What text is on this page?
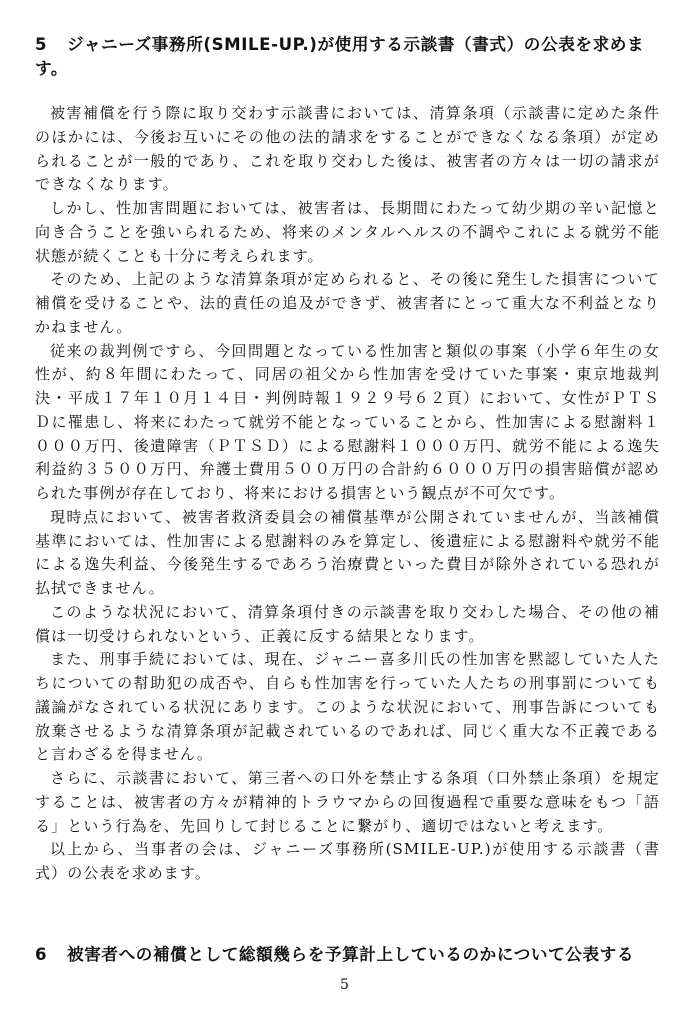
5 ジャニーズ事務所(SMILE-UP.)が使用する示談書（書式）の公表を求めます。

被害補償を行う際に取り交わす示談書においては、清算条項（示談書に定めた条件のほかには、今後お互いにその他の法的請求をすることができなくなる条項）が定められることが一般的であり、これを取り交わした後は、被害者の方々は一切の請求ができなくなります。

しかし、性加害問題においては、被害者は、長期間にわたって幼少期の辛い記憶と向き合うことを強いられるため、将来のメンタルヘルスの不調やこれによる就労不能状態が続くことも十分に考えられます。

そのため、上記のような清算条項が定められると、その後に発生した損害について補償を受けることや、法的責任の追及ができず、被害者にとって重大な不利益となりかねません。

従来の裁判例ですら、今回問題となっている性加害と類似の事案（小学６年生の女性が、約８年間にわたって、同居の祖父から性加害を受けていた事案・東京地裁判決・平成１７年１０月１４日・判例時報１９２９号６２頁）において、女性がＰＴＳＤに罹患し、将来にわたって就労不能となっていることから、性加害による慰謝料１０００万円、後遺障害（ＰＴＳＤ）による慰謝料１０００万円、就労不能による逸失利益約３５００万円、弁護士費用５００万円の合計約６０００万円の損害賠償が認められた事例が存在しており、将来における損害という観点が不可欠です。

現時点において、被害者救済委員会の補償基準が公開されていませんが、当該補償基準においては、性加害による慰謝料のみを算定し、後遺症による慰謝料や就労不能による逸失利益、今後発生するであろう治療費といった費目が除外されている恐れが払拭できません。

このような状況において、清算条項付きの示談書を取り交わした場合、その他の補償は一切受けられないという、正義に反する結果となります。

また、刑事手続においては、現在、ジャニー喜多川氏の性加害を黙認していた人たちについての幇助犯の成否や、自らも性加害を行っていた人たちの刑事罰についても議論がなされている状況にあります。このような状況において、刑事告訴についても放棄させるような清算条項が記載されているのであれば、同じく重大な不正義であると言わざるを得ません。

さらに、示談書において、第三者への口外を禁止する条項（口外禁止条項）を規定することは、被害者の方々が精神的トラウマからの回復過程で重要な意味をもつ「語る」という行為を、先回りして封じることに繋がり、適切ではないと考えます。

以上から、当事者の会は、ジャニーズ事務所(SMILE-UP.)が使用する示談書（書式）の公表を求めます。

6 被害者への補償として総額幾らを予算計上しているのかについて公表する
5
